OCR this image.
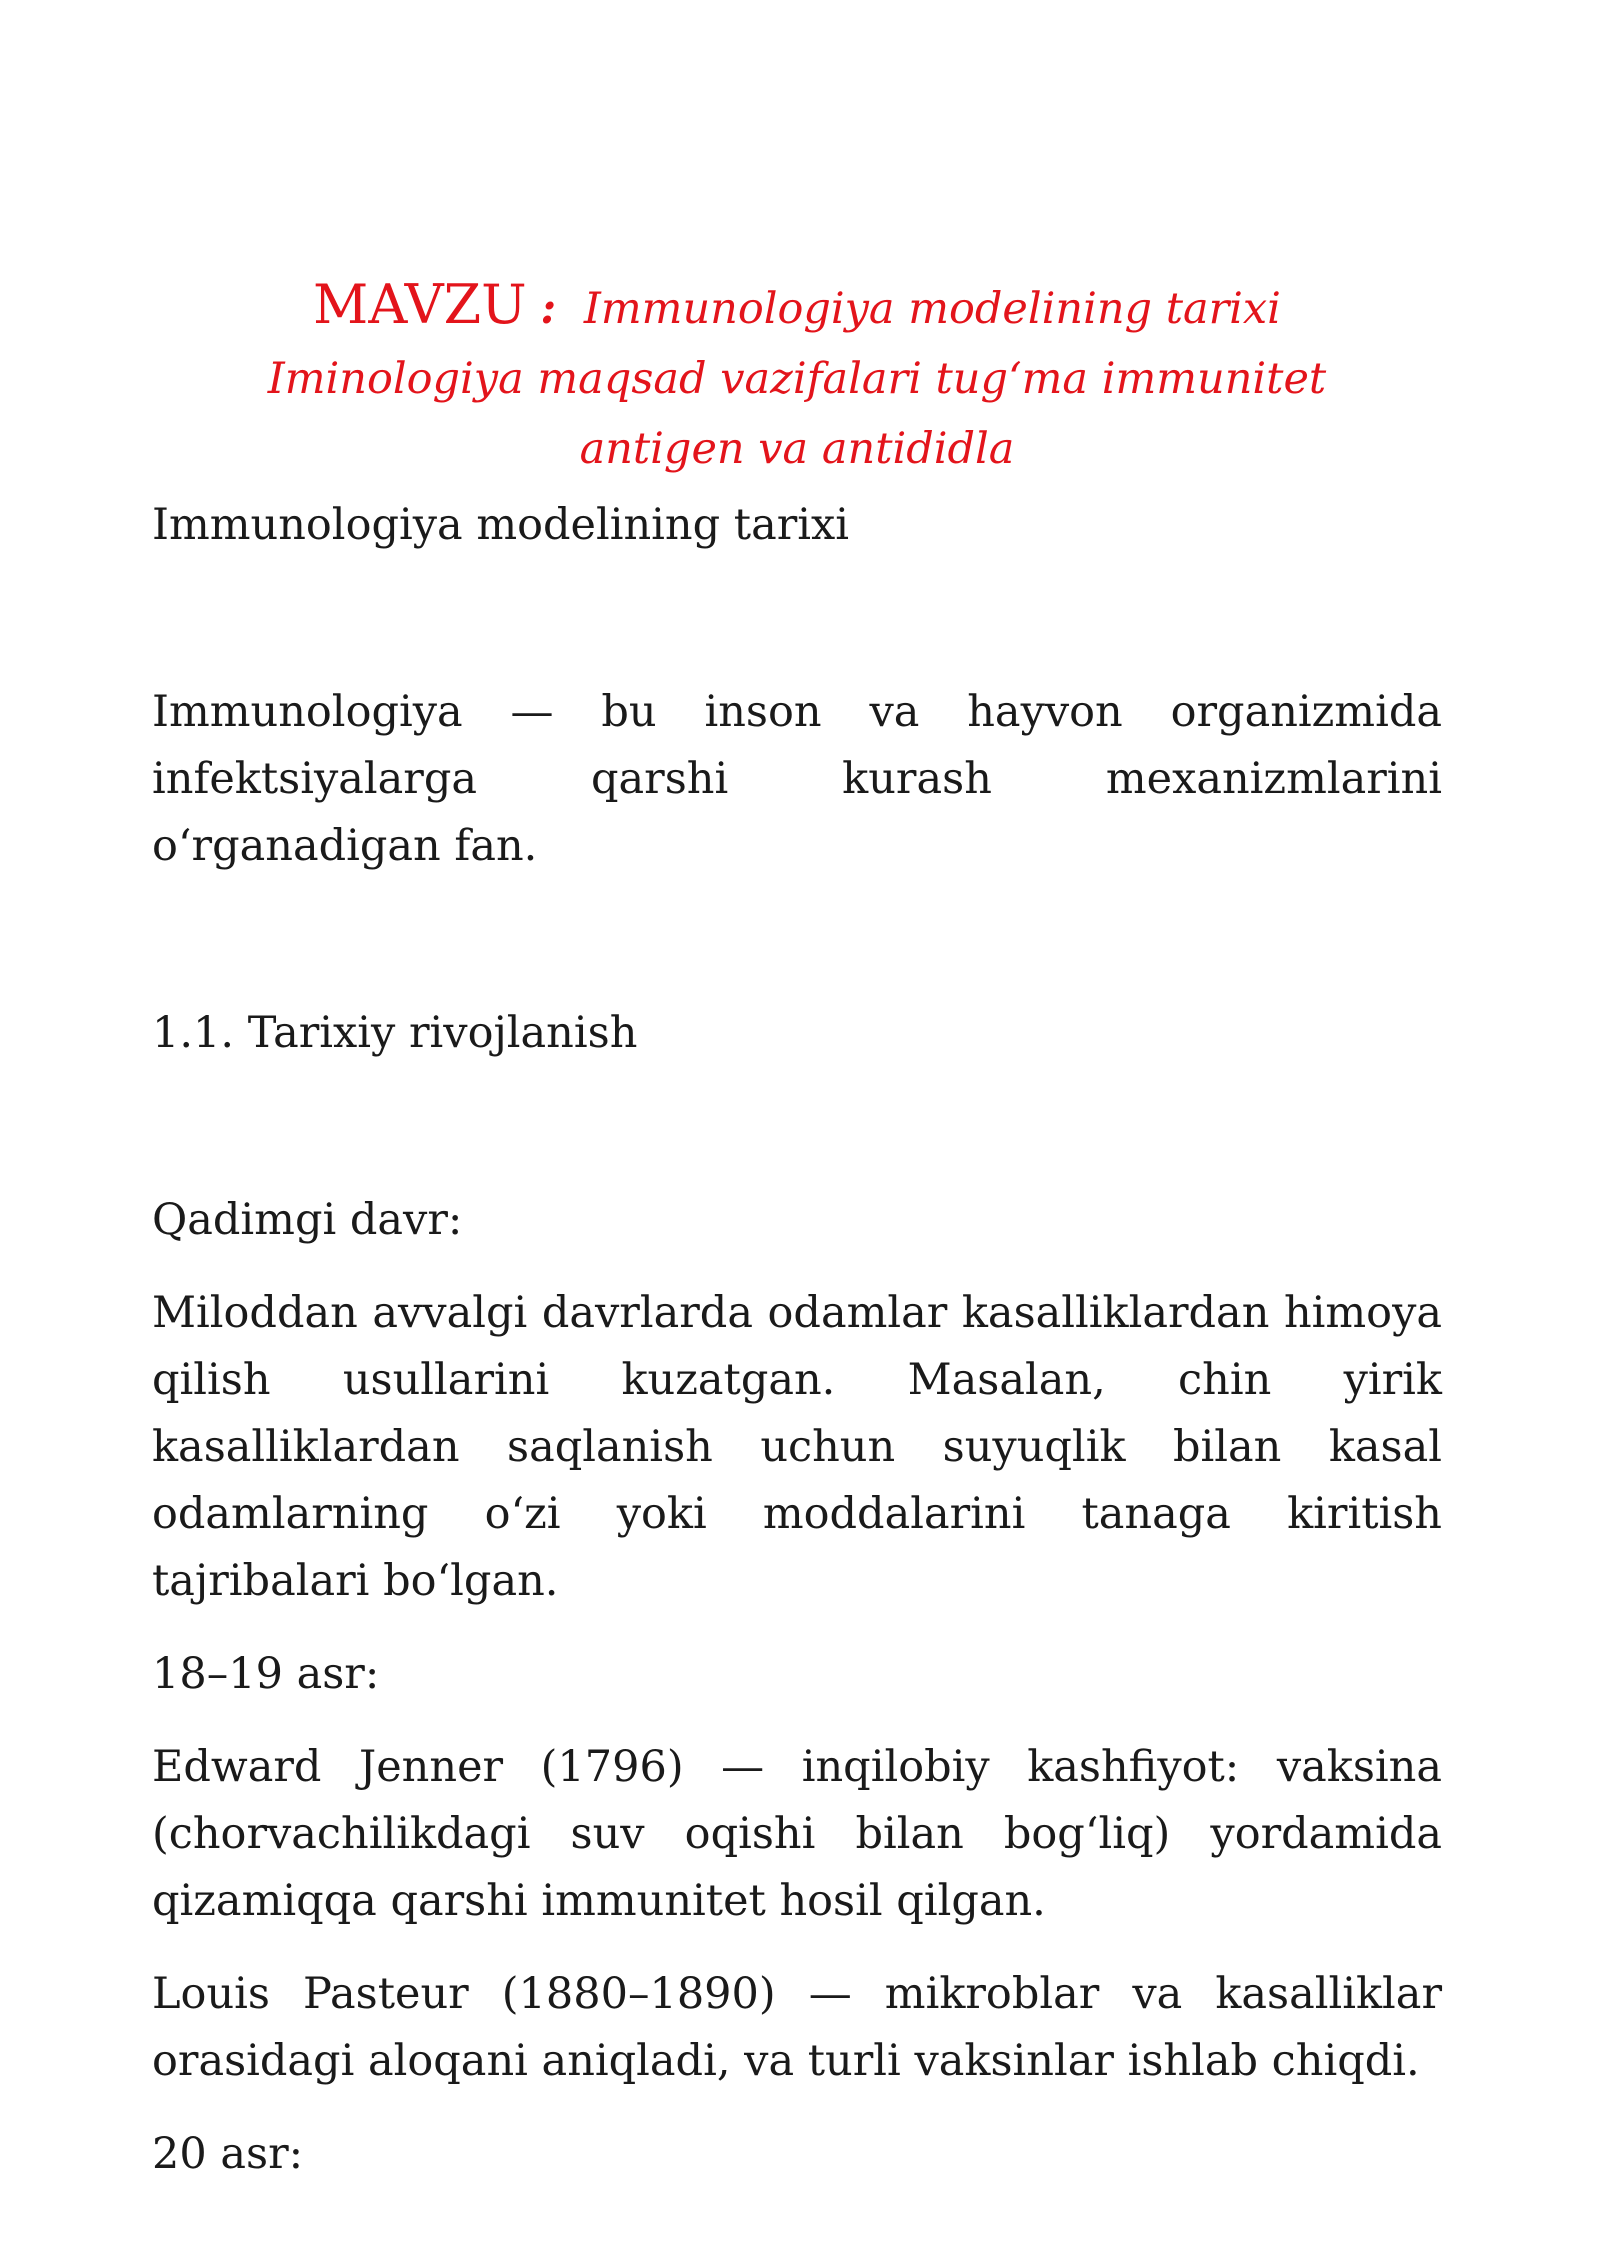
MAVZU : Immunologiya modelining tarixi Iminologiya maqsad vazifalari tug‘ma immunitet antigen va antididla

Immunologiya modelining tarixi

Immunologiya — bu inson va hayvon organizmida infektsiyalarga qarshi kurash mexanizmlarini o‘rganadigan fan.

1.1. Tarixiy rivojlanish

Qadimgi davr:

Miloddan avvalgi davrlarda odamlar kasalliklardan himoya qilish usullarini kuzatgan. Masalan, chin yirik kasalliklardan saqlanish uchun suyuqlik bilan kasal odamlarning o‘zi yoki moddalarini tanaga kiritish tajribalari bo‘lgan.

18–19 asr:

Edward Jenner (1796) — inqilobiy kashfiyot: vaksina (chorvachilikdagi suv oqishi bilan bog‘liq) yordamida qizamiqqa qarshi immunitet hosil qilgan.

Louis Pasteur (1880–1890) — mikroblar va kasalliklar orasidagi aloqani aniqladi, va turli vaksinlar ishlab chiqdi.

20 asr:
